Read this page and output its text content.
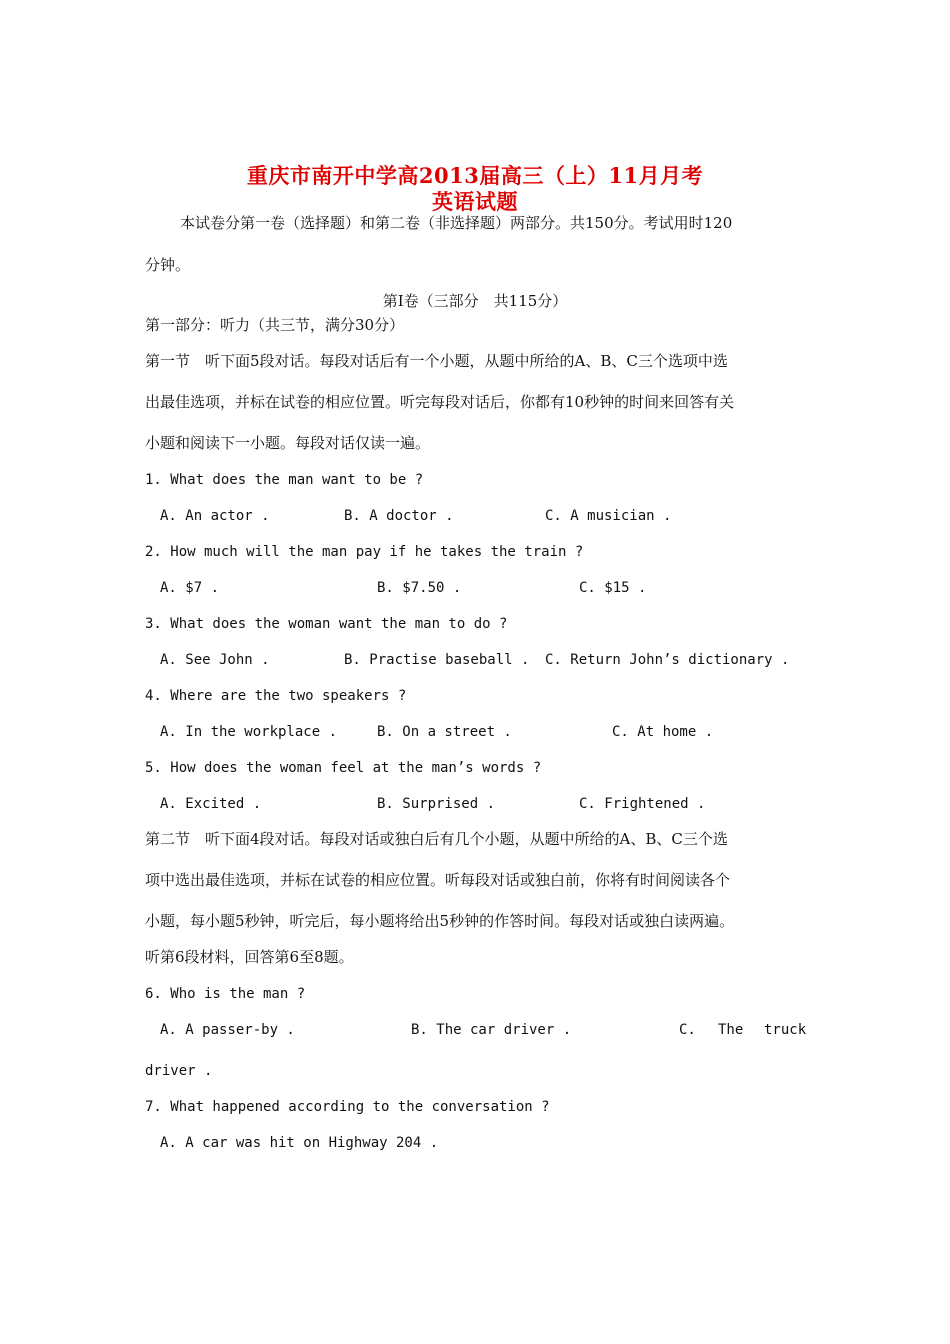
重庆市南开中学高2013届高三（上）11月月考
英语试题
本试卷分第一卷（选择题）和第二卷（非选择题）两部分。共150分。考试用时120
分钟。
第I卷（三部分　共115分）
第一部分：听力（共三节，满分30分）
第一节　听下面5段对话。每段对话后有一个小题，从题中所给的A、B、C三个选项中选
出最佳选项，并标在试卷的相应位置。听完每段对话后，你都有10秒钟的时间来回答有关
小题和阅读下一小题。每段对话仅读一遍。
1. What does the man want to be ?
A. An actor .	B. A doctor .	C. A musician .
2. How much will the man pay if he takes the train ?
A. $7 .	B. $7.50 .	C. $15 .
3. What does the woman want the man to do ?
A. See John .	B. Practise baseball . C. Return John’s dictionary .
4. Where are the two speakers ?
A. In the workplace .	B. On a street .	C. At home .
5. How does the woman feel at the man’s words ?
A. Excited .	B. Surprised .	C. Frightened .
第二节　听下面4段对话。每段对话或独白后有几个小题，从题中所给的A、B、C三个选
项中选出最佳选项，并标在试卷的相应位置。听每段对话或独白前，你将有时间阅读各个
小题，每小题5秒钟，听完后，每小题将给出5秒钟的作答时间。每段对话或独白读两遍。
听第6段材料，回答第6至8题。
6. Who is the man ?
A. A passer-by .	B. The car driver .	C. The truck
driver .
7. What happened according to the conversation ?
A. A car was hit on Highway 204 .
